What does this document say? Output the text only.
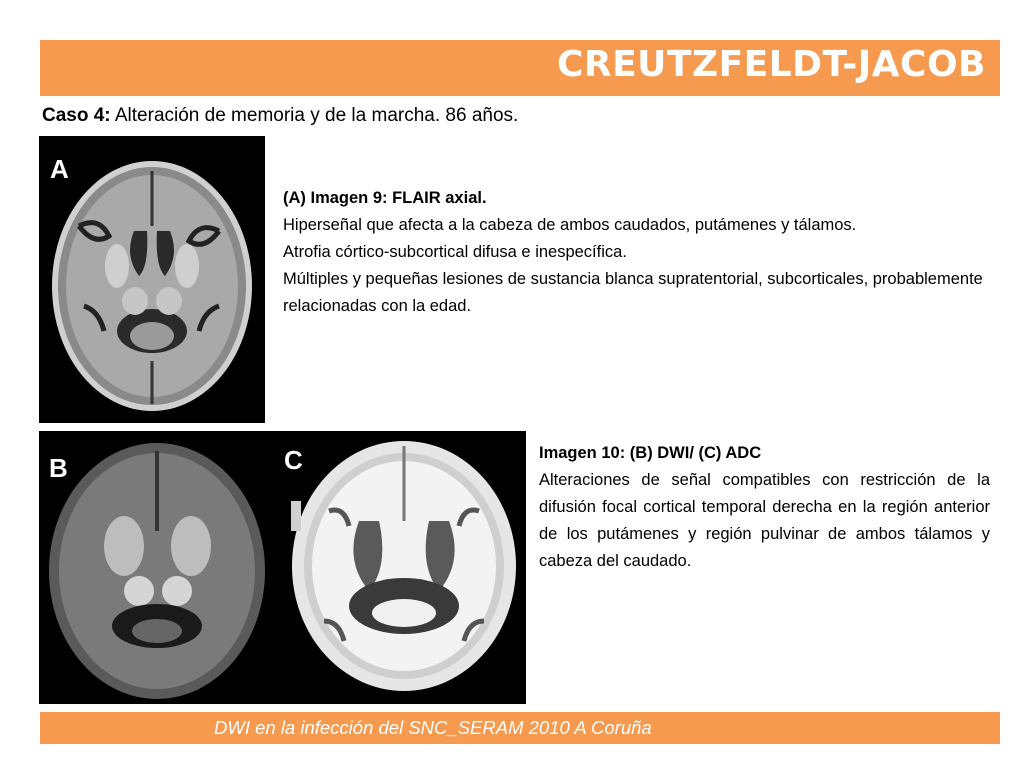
CREUTZFELDT-JACOB
Caso 4: Alteración de memoria y de la marcha. 86 años.
A

(A) Imagen 9: FLAIR axial.

Hiperseñal que afecta a la cabeza de ambos caudados, putámenes y tálamos.

Atrofia córtico-subcortical difusa e inespecífica.

Múltiples y pequeñas lesiones de sustancia blanca supratentorial, subcorticales, probablemente relacionadas con la edad.

B	C	Imagen 10: (B) DWI/ (C) ADC

Alteraciones de señal compatibles con restricción de la difusión focal cortical temporal derecha en la región anterior de los putámenes y región pulvinar de ambos tálamos y cabeza del caudado.

DWI en la infección del SNC_SERAM 2010 A Coruña
